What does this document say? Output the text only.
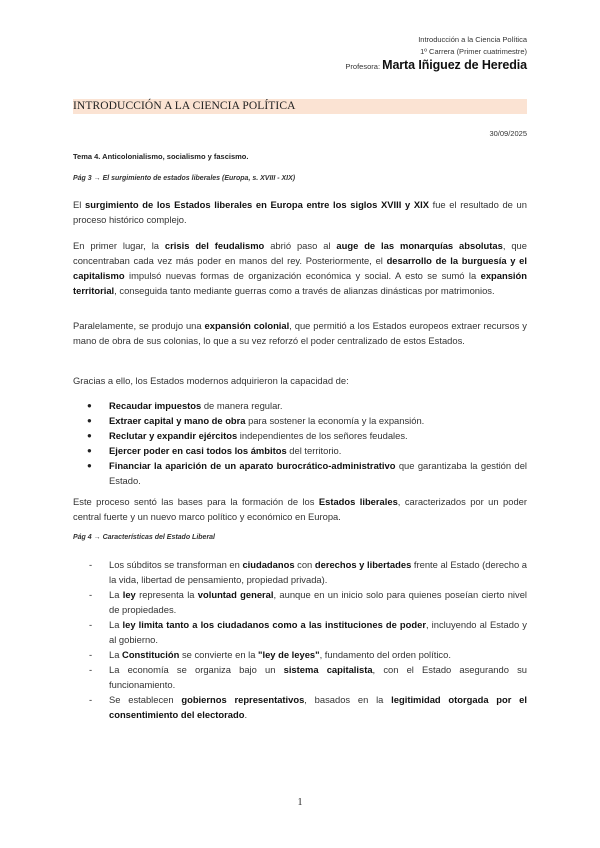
Introducción a la Ciencia Política
1º Carrera (Primer cuatrimestre)
Profesora: Marta Iñiguez de Heredia
INTRODUCCIÓN A LA CIENCIA POLÍTICA
30/09/2025
Tema 4. Anticolonialismo, socialismo y fascismo.
Pág 3 → El surgimiento de estados liberales (Europa, s. XVIII - XIX)
El surgimiento de los Estados liberales en Europa entre los siglos XVIII y XIX fue el resultado de un proceso histórico complejo.
En primer lugar, la crisis del feudalismo abrió paso al auge de las monarquías absolutas, que concentraban cada vez más poder en manos del rey. Posteriormente, el desarrollo de la burguesía y el capitalismo impulsó nuevas formas de organización económica y social. A esto se sumó la expansión territorial, conseguida tanto mediante guerras como a través de alianzas dinásticas por matrimonios.
Paralelamente, se produjo una expansión colonial, que permitió a los Estados europeos extraer recursos y mano de obra de sus colonias, lo que a su vez reforzó el poder centralizado de estos Estados.
Gracias a ello, los Estados modernos adquirieron la capacidad de:
● Recaudar impuestos de manera regular.
● Extraer capital y mano de obra para sostener la economía y la expansión.
● Reclutar y expandir ejércitos independientes de los señores feudales.
● Ejercer poder en casi todos los ámbitos del territorio.
● Financiar la aparición de un aparato burocrático-administrativo que garantizaba la gestión del Estado.
Este proceso sentó las bases para la formación de los Estados liberales, caracterizados por un poder central fuerte y un nuevo marco político y económico en Europa.
Pág 4 → Características del Estado Liberal
- Los súbditos se transforman en ciudadanos con derechos y libertades frente al Estado (derecho a la vida, libertad de pensamiento, propiedad privada).
- La ley representa la voluntad general, aunque en un inicio solo para quienes poseían cierto nivel de propiedades.
- La ley limita tanto a los ciudadanos como a las instituciones de poder, incluyendo al Estado y al gobierno.
- La Constitución se convierte en la "ley de leyes", fundamento del orden político.
- La economía se organiza bajo un sistema capitalista, con el Estado asegurando su funcionamiento.
- Se establecen gobiernos representativos, basados en la legitimidad otorgada por el consentimiento del electorado.
1
